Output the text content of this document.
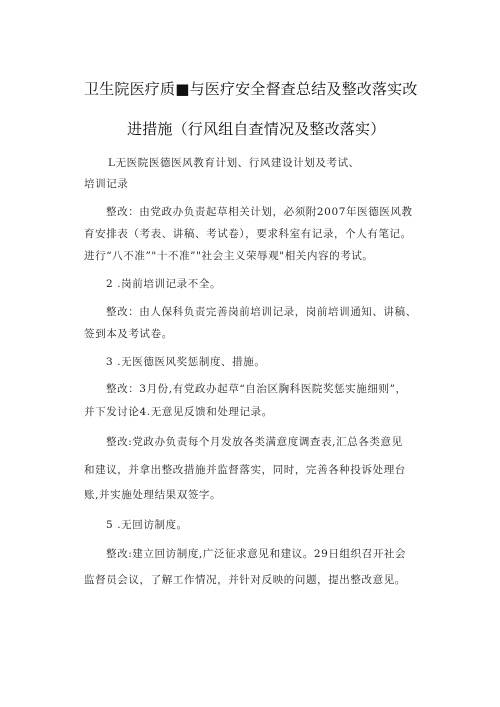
卫生院医疗质■与医疗安全督查总结及整改落实改
进措施（行风组自查情况及整改落实）
L无医院医德医风教育计划、行风建设计划及考试、
培训记录
整改：由党政办负责起草相关计划，必须附2007年医德医风教
育安排表（考表、讲稿、考试卷），要求科室有记录，个人有笔记。
进行“八不准”"十不准”"社会主义荣辱观"相关内容的考试。
2 .岗前培训记录不全。
整改：由人保科负责完善岗前培训记录，岗前培训通知、讲稿、
签到本及考试卷。
3 .无医德医风奖惩制度、措施。
整改：3月份,有党政办起草“自治区胸科医院奖惩实施细则”，
并下发讨论4.无意见反馈和处理记录。
整改:党政办负责每个月发放各类满意度调查表,汇总各类意见
和建议，并拿出整改措施并监督落实，同时，完善各种投诉处理台
账,并实施处理结果双签字。
5 .无回访制度。
整改:建立回访制度,广泛征求意见和建议。29日组织召开社会
监督员会议，了解工作情况，并针对反映的问题，提出整改意见。
